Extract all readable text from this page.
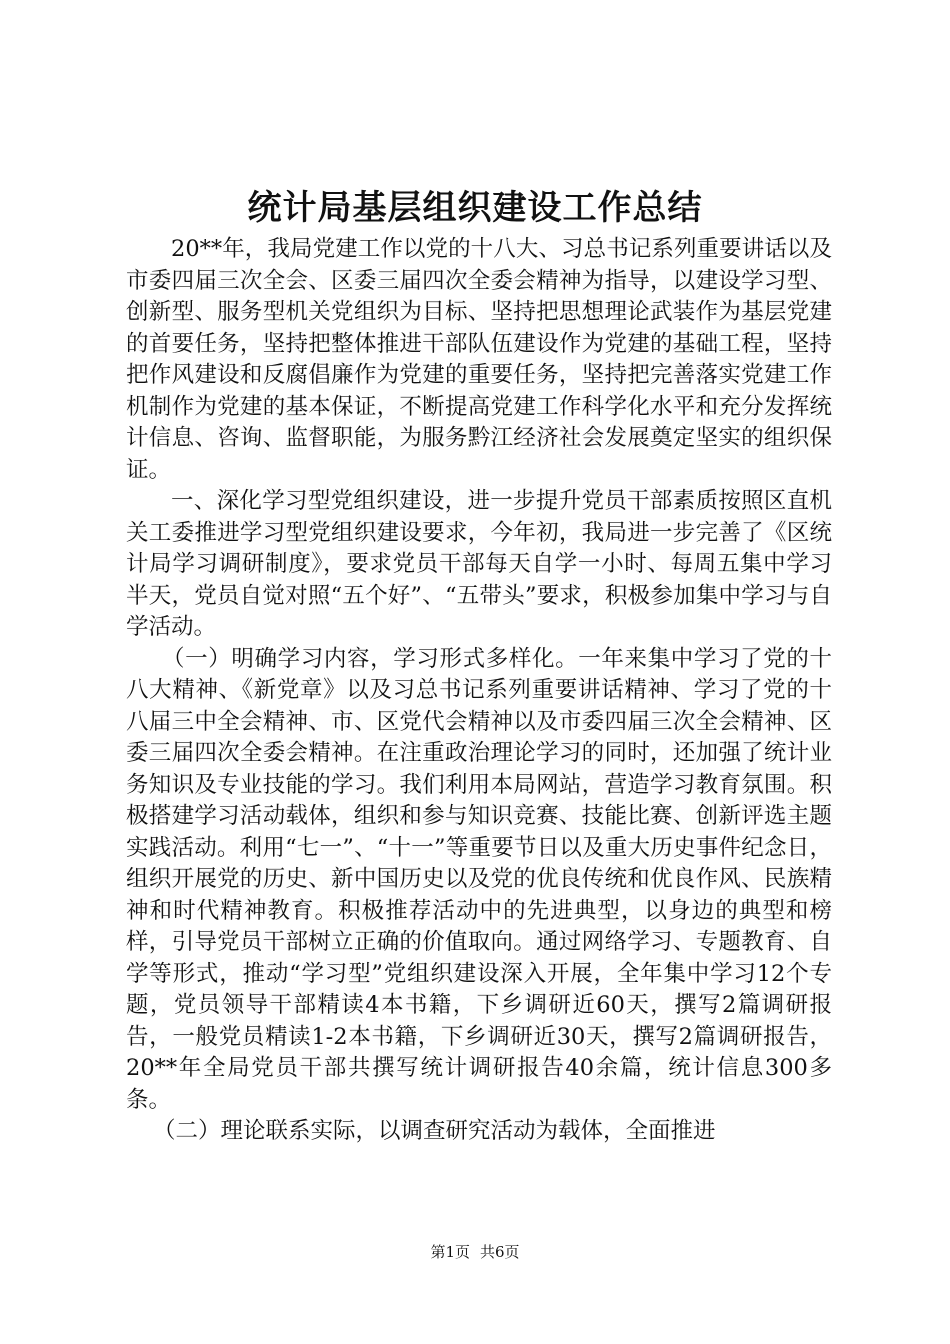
统计局基层组织建设工作总结

20**年，我局党建工作以党的十八大、习总书记系列重要讲话以及市委四届三次全会、区委三届四次全委会精神为指导，以建设学习型、创新型、服务型机关党组织为目标、坚持把思想理论武装作为基层党建的首要任务，坚持把整体推进干部队伍建设作为党建的基础工程，坚持把作风建设和反腐倡廉作为党建的重要任务，坚持把完善落实党建工作机制作为党建的基本保证，不断提高党建工作科学化水平和充分发挥统计信息、咨询、监督职能，为服务黔江经济社会发展奠定坚实的组织保证。

一、深化学习型党组织建设，进一步提升党员干部素质按照区直机关工委推进学习型党组织建设要求，今年初，我局进一步完善了《区统计局学习调研制度》，要求党员干部每天自学一小时、每周五集中学习半天，党员自觉对照“五个好”、“五带头”要求，积极参加集中学习与自学活动。

（一）明确学习内容，学习形式多样化。一年来集中学习了党的十八大精神、《新党章》以及习总书记系列重要讲话精神、学习了党的十八届三中全会精神、市、区党代会精神以及市委四届三次全会精神、区委三届四次全委会精神。在注重政治理论学习的同时，还加强了统计业务知识及专业技能的学习。我们利用本局网站，营造学习教育氛围。积极搭建学习活动载体，组织和参与知识竞赛、技能比赛、创新评选主题实践活动。利用“七一”、“十一”等重要节日以及重大历史事件纪念日，组织开展党的历史、新中国历史以及党的优良传统和优良作风、民族精神和时代精神教育。积极推荐活动中的先进典型，以身边的典型和榜样，引导党员干部树立正确的价值取向。通过网络学习、专题教育、自学等形式，推动“学习型”党组织建设深入开展，全年集中学习12个专题，党员领导干部精读4本书籍，下乡调研近60天，撰写2篇调研报告，一般党员精读1-2本书籍，下乡调研近30天，撰写2篇调研报告，20**年全局党员干部共撰写统计调研报告40余篇，统计信息300多条。

（二）理论联系实际，以调查研究活动为载体，全面推进

第1页 共6页
